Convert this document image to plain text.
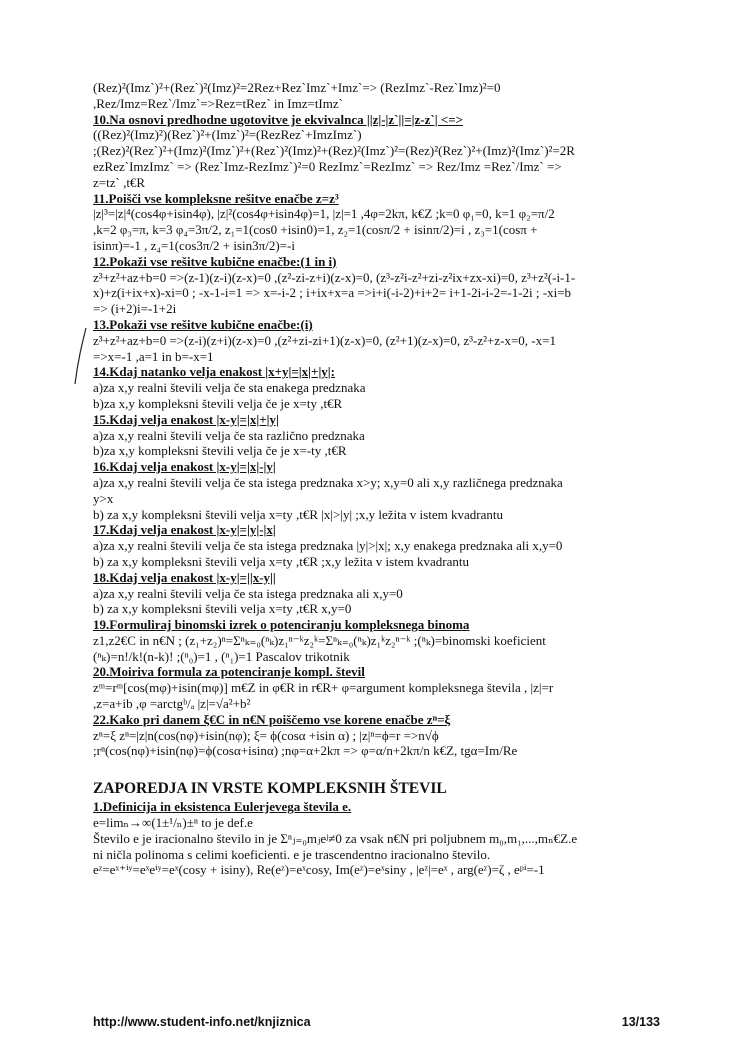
(Rez)²(Imz`)²+(Rez`)²(Imz)²=2Rez+Rez`Imz`+Imz`=> (RezImz`-Rez`Imz)²=0
,Rez/Imz=Rez`/Imz`=>Rez=tRez` in Imz=tImz`
10.Na osnovi predhodne ugotovitve je ekvivalnca ||z|-|z`||=|z-z`| <=>
((Rez)²(Imz)²)(Rez`)²+(Imz`)²=(RezRez`+ImzImz`)
;(Rez)²(Rez`)²+(Imz)²(Imz`)²+(Rez`)²(Imz)²+(Rez)²(Imz`)²=(Rez)²(Rez`)²+(Imz)²(Imz`)²=2R
ezRez`ImzImz` => (Rez`Imz-RezImz`)²=0 RezImz`=RezImz` => Rez/Imz =Rez`/Imz` =>
z=tz` ,t€R
11.Poišči vse kompleksne rešitve enačbe z=z³
|z|³=|z|⁴(cos4φ+isin4φ), |z|²(cos4φ+isin4φ)=1, |z|=1 ,4φ=2kπ, k€Z ;k=0 φ₁=0, k=1 φ₂=π/2
,k=2 φ₃=π, k=3 φ₄=3π/2, z₁=1(cos0 +isin0)=1, z₂=1(cosπ/2 + isinπ/2)=i , z₃=1(cosπ +
isinπ)=-1 , z₄=1(cos3π/2 + isin3π/2)=-i
12.Pokaži vse rešitve kubične enačbe:(1 in i)
z³+z²+az+b=0 =>(z-1)(z-i)(z-x)=0 ,(z²-zi-z+i)(z-x)=0, (z³-z²i-z²+zi-z²ix+zx-xi)=0, z³+z²(-i-1-
x)+z(i+ix+x)-xi=0 ; -x-1-i=1 => x=-i-2 ; i+ix+x=a =>i+i(-i-2)+i+2= i+1-2i-i-2=-1-2i ; -xi=b
=> (i+2)i=-1+2i
13.Pokaži vse rešitve kubične enačbe:(i)
z³+z²+az+b=0 =>(z-i)(z+i)(z-x)=0 ,(z²+zi-zi+1)(z-x)=0, (z²+1)(z-x)=0, z³-z²+z-x=0, -x=1
=>x=-1 ,a=1 in b=-x=1
14.Kdaj natanko velja enakost |x+y|=|x|+|y|:
a)za x,y realni števili velja če sta enakega predznaka
b)za x,y kompleksni števili velja če je x=ty ,t€R
15.Kdaj velja enakost |x-y|=|x|+|y|
a)za x,y realni števili velja če sta različno predznaka
b)za x,y kompleksni števili velja če je x=-ty ,t€R
16.Kdaj velja enakost |x-y|=|x|-|y|
a)za x,y realni števili velja če sta istega predznaka x>y; x,y=0 ali x,y različnega predznaka
y>x
b) za x,y kompleksni števili velja x=ty ,t€R |x|>|y| ;x,y ležita v istem kvadrantu
17.Kdaj velja enakost |x-y|=|y|-|x|
a)za x,y realni števili velja če sta istega predznaka |y|>|x|; x,y enakega predznaka ali x,y=0
b) za x,y kompleksni števili velja x=ty ,t€R ;x,y ležita v istem kvadrantu
18.Kdaj velja enakost |x-y|=||x-y||
a)za x,y realni števili velja če sta istega predznaka ali x,y=0
b) za x,y kompleksni števili velja x=ty ,t€R x,y=0
19.Formuliraj binomski izrek o potenciranju kompleksnega binoma
z1,z2€C in n€N ; (z₁+z₂)ⁿ=Σⁿₖ₌₀(ⁿₖ)z₁ⁿ⁻ᵏz₂ᵏ=Σⁿₖ₌₀(ⁿₖ)z₁ᵏz₂ⁿ⁻ᵏ ;(ⁿₖ)=binomski koeficient
(ⁿₖ)=n!/k!(n-k)! ;(ⁿ₀)=1 , (ⁿ₁)=1 Pascalov trikotnik
20.Moiriva formula za potenciranje kompl. števil
zᵐ=rᵐ[cos(mφ)+isin(mφ)] m€Z in φ€R in r€R+ φ=argument kompleksnega števila , |z|=r
,z=a+ib ,φ =arctgᵇ/ₐ |z|=√a²+b²
22.Kako pri danem ξ€C in n€N poiščemo vse korene enačbe zⁿ=ξ
zⁿ=ξ zⁿ=|z|n(cos(nφ)+isin(nφ); ξ= ϕ(cosα +isin α) ; |z|ⁿ=ϕ=r =>n√ϕ
;rⁿ(cos(nφ)+isin(nφ)=ϕ(cosα+isinα) ;nφ=α+2kπ => φ=α/n+2kπ/n k€Z, tgα=Im/Re
ZAPOREDJA IN VRSTE KOMPLEKSNIH ŠTEVIL
1.Definicija in eksistenca Eulerjevega števila e.
e=limₙ→∞(1±¹/ₙ)±ⁿ to je def.e
Število e je iracionalno število in je Σⁿⱼ₌₀mⱼeʲ≠0 za vsak n€N pri poljubnem m₀,m₁,...,mₙ€Z.e
ni ničla polinoma s celimi koeficienti. e je trascendentno iracionalno število.
eᶻ=eˣ⁺ⁱʸ=eˣeⁱʸ=eˣ(cosy + isiny), Re(eᶻ)=eˣcosy, Im(eᶻ)=eˣsiny , |eᶻ|=eˣ , arg(eᶻ)=ζ , eᵖⁱ=-1
http://www.student-info.net/knjiznica	13/133
